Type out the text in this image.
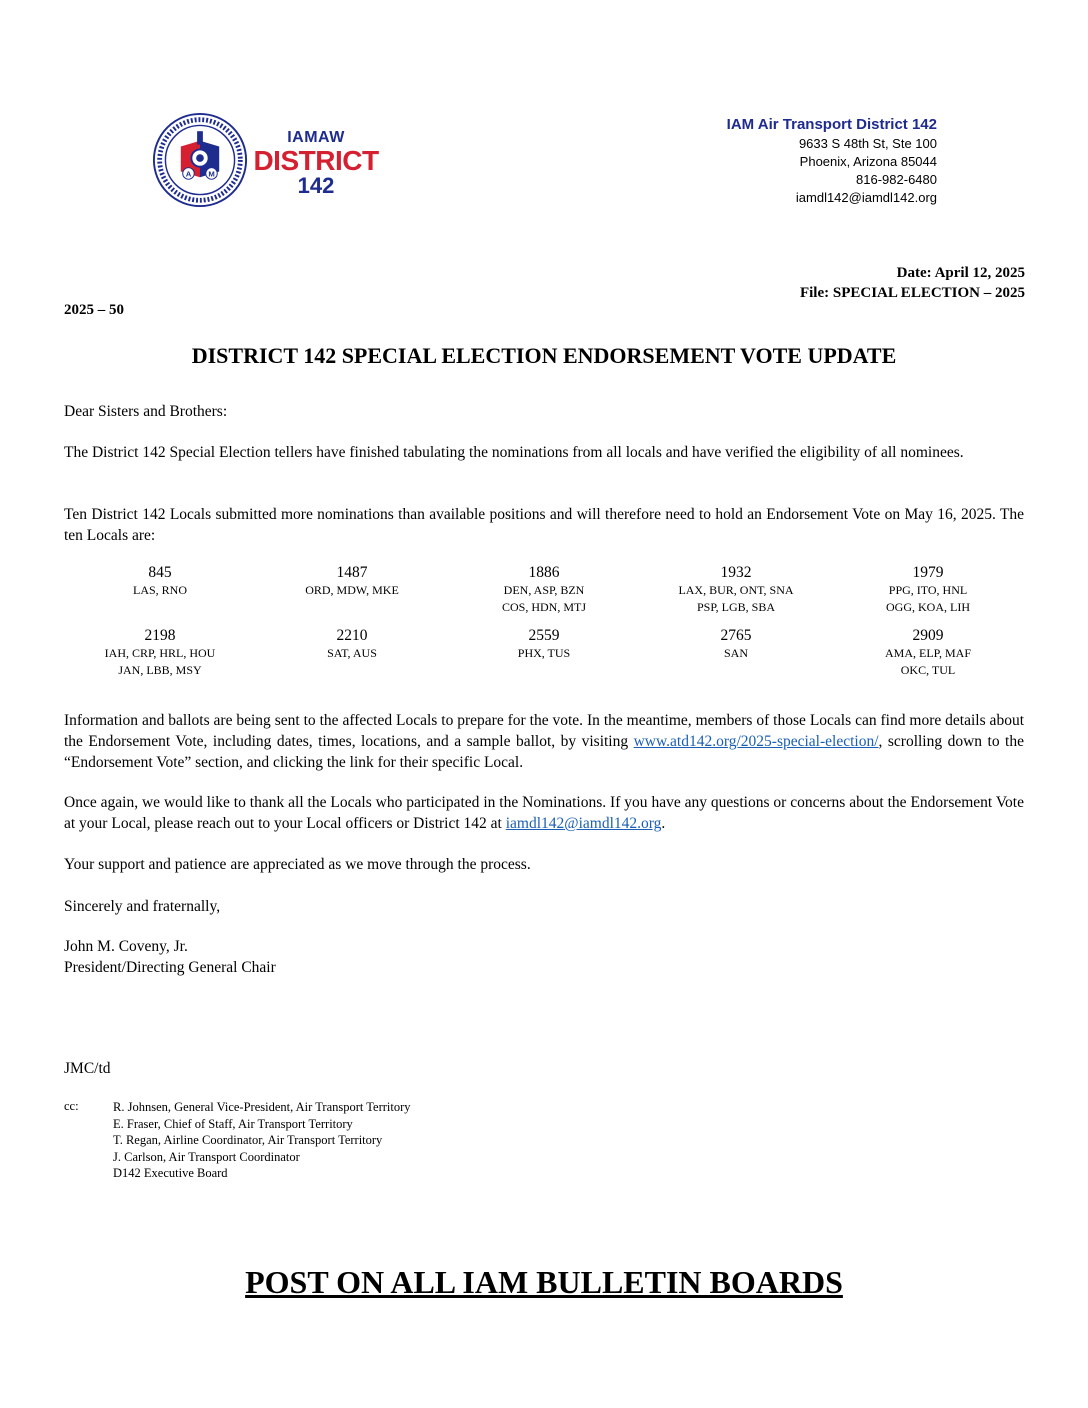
A M
IAMAW
DISTRICT
142
IAM Air Transport District 142
9633 S 48th St, Ste 100
Phoenix, Arizona 85044
816-982-6480
iamdl142@iamdl142.org
Date: April 12, 2025
File: SPECIAL ELECTION – 2025
2025 – 50
DISTRICT 142 SPECIAL ELECTION ENDORSEMENT VOTE UPDATE
Dear Sisters and Brothers:
The District 142 Special Election tellers have finished tabulating the nominations from all locals and have verified the eligibility of all nominees.
Ten District 142 Locals submitted more nominations than available positions and will therefore need to hold an Endorsement Vote on May 16, 2025. The ten Locals are:
845
LAS, RNO
1487
ORD, MDW, MKE
1886
DEN, ASP, BZN
COS, HDN, MTJ
1932
LAX, BUR, ONT, SNA
PSP, LGB, SBA
1979
PPG, ITO, HNL
OGG, KOA, LIH
2198
IAH, CRP, HRL, HOU
JAN, LBB, MSY
2210
SAT, AUS
2559
PHX, TUS
2765
SAN
2909
AMA, ELP, MAF
OKC, TUL
Information and ballots are being sent to the affected Locals to prepare for the vote. In the meantime, members of those Locals can find more details about the Endorsement Vote, including dates, times, locations, and a sample ballot, by visiting www.atd142.org/2025-special-election/, scrolling down to the “Endorsement Vote” section, and clicking the link for their specific Local.
Once again, we would like to thank all the Locals who participated in the Nominations. If you have any questions or concerns about the Endorsement Vote at your Local, please reach out to your Local officers or District 142 at iamdl142@iamdl142.org.
Your support and patience are appreciated as we move through the process.
Sincerely and fraternally,
John M. Coveny, Jr.
President/Directing General Chair
JMC/td
cc:	R. Johnsen, General Vice-President, Air Transport Territory
E. Fraser, Chief of Staff, Air Transport Territory
T. Regan, Airline Coordinator, Air Transport Territory
J. Carlson, Air Transport Coordinator
D142 Executive Board
POST ON ALL IAM BULLETIN BOARDS
